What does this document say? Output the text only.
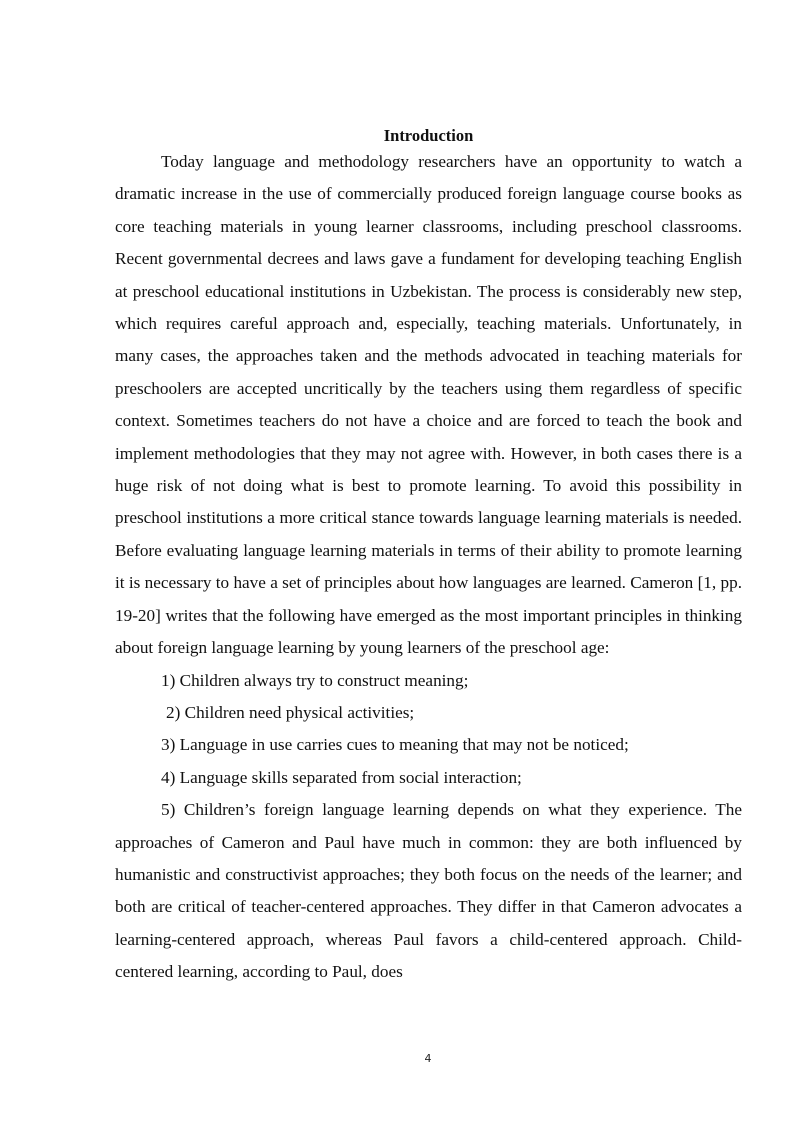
Introduction

Today language and methodology researchers have an opportunity to watch a dramatic increase in the use of commercially produced foreign language course books as core teaching materials in young learner classrooms, including preschool classrooms. Recent governmental decrees and laws gave a fundament for developing teaching English at preschool educational institutions in Uzbekistan. The process is considerably new step, which requires careful approach and, especially, teaching materials. Unfortunately, in many cases, the approaches taken and the methods advocated in teaching materials for preschoolers are accepted uncritically by the teachers using them regardless of specific context. Sometimes teachers do not have a choice and are forced to teach the book and implement methodologies that they may not agree with. However, in both cases there is a huge risk of not doing what is best to promote learning. To avoid this possibility in preschool institutions a more critical stance towards language learning materials is needed. Before evaluating language learning materials in terms of their ability to promote learning it is necessary to have a set of principles about how languages are learned. Cameron [1, pp. 19-20] writes that the following have emerged as the most important principles in thinking about foreign language learning by young learners of the preschool age:

1) Children always try to construct meaning;

2) Children need physical activities;

3) Language in use carries cues to meaning that may not be noticed;

4) Language skills separated from social interaction;

5) Children’s foreign language learning depends on what they experience. The approaches of Cameron and Paul have much in common: they are both influenced by humanistic and constructivist approaches; they both focus on the needs of the learner; and both are critical of teacher-centered approaches. They differ in that Cameron advocates a learning-centered approach, whereas Paul favors a child-centered approach. Child-centered learning, according to Paul, does

4
